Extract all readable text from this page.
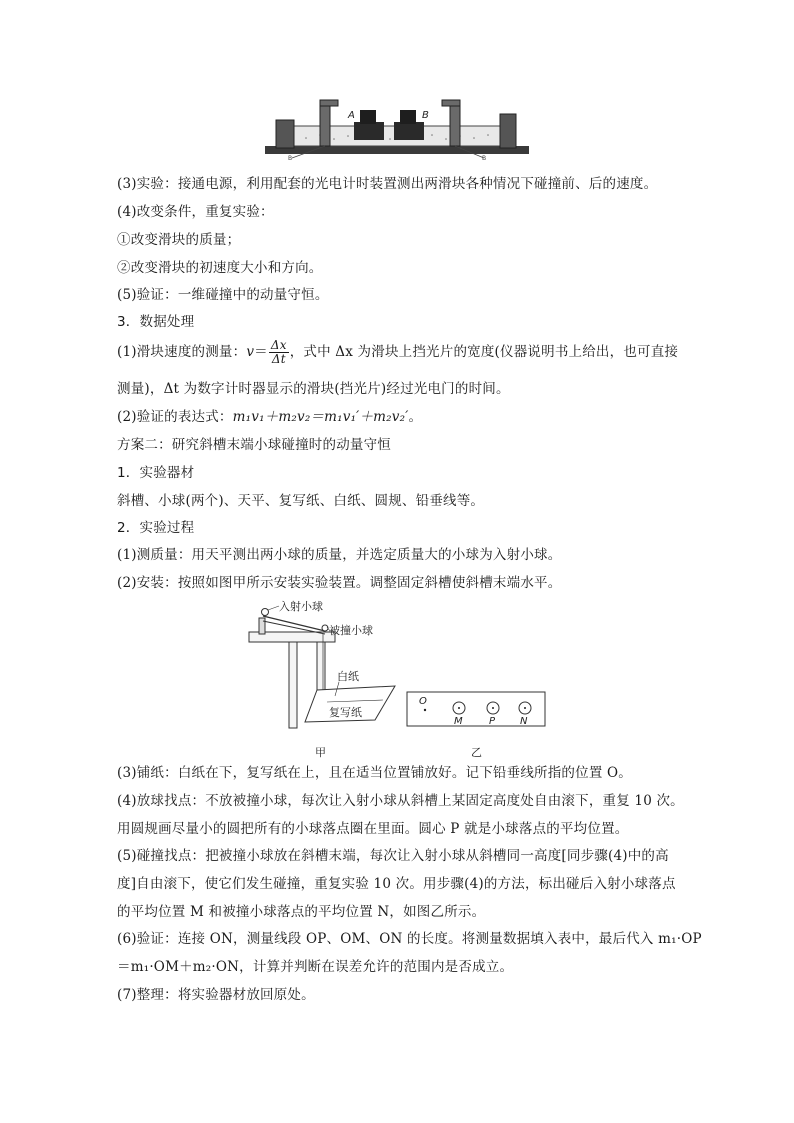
A	B
B	B
(3)实验：接通电源，利用配套的光电计时装置测出两滑块各种情况下碰撞前、后的速度。
(4)改变条件，重复实验：
①改变滑块的质量；
②改变滑块的初速度大小和方向。
(5)验证：一维碰撞中的动量守恒。
3．数据处理
(1)滑块速度的测量：$v= \frac{\Delta x}{\Delta t}$ ，式中 Δx 为滑块上挡光片的宽度(仪器说明书上给出，也可直接
测量)，Δt 为数字计时器显示的滑块(挡光片)经过光电门的时间。
(2)验证的表达式：m₁v₁＋m₂v₂＝m₁v₁′＋m₂v₂′。
方案二：研究斜槽末端小球碰撞时的动量守恒
1．实验器材
斜槽、小球(两个)、天平、复写纸、白纸、圆规、铅垂线等。
2．实验过程
(1)测质量：用天平测出两小球的质量，并选定质量大的小球为入射小球。
(2)安装：按照如图甲所示安装实验装置。调整固定斜槽使斜槽末端水平。
入射小球
被撞小球
白纸
复写纸
甲
O
M	P N
乙
(3)铺纸：白纸在下，复写纸在上，且在适当位置铺放好。记下铅垂线所指的位置 O。
(4)放球找点：不放被撞小球，每次让入射小球从斜槽上某固定高度处自由滚下，重复 10 次。
用圆规画尽量小的圆把所有的小球落点圈在里面。圆心 P 就是小球落点的平均位置。
(5)碰撞找点：把被撞小球放在斜槽末端，每次让入射小球从斜槽同一高度[同步骤(4)中的高
度]自由滚下，使它们发生碰撞，重复实验 10 次。用步骤(4)的方法，标出碰后入射小球落点
的平均位置 M 和被撞小球落点的平均位置 N，如图乙所示。
(6)验证：连接 ON，测量线段 OP、OM、ON 的长度。将测量数据填入表中，最后代入 m₁·OP
＝m₁·OM＋m₂·ON，计算并判断在误差允许的范围内是否成立。
(7)整理：将实验器材放回原处。
